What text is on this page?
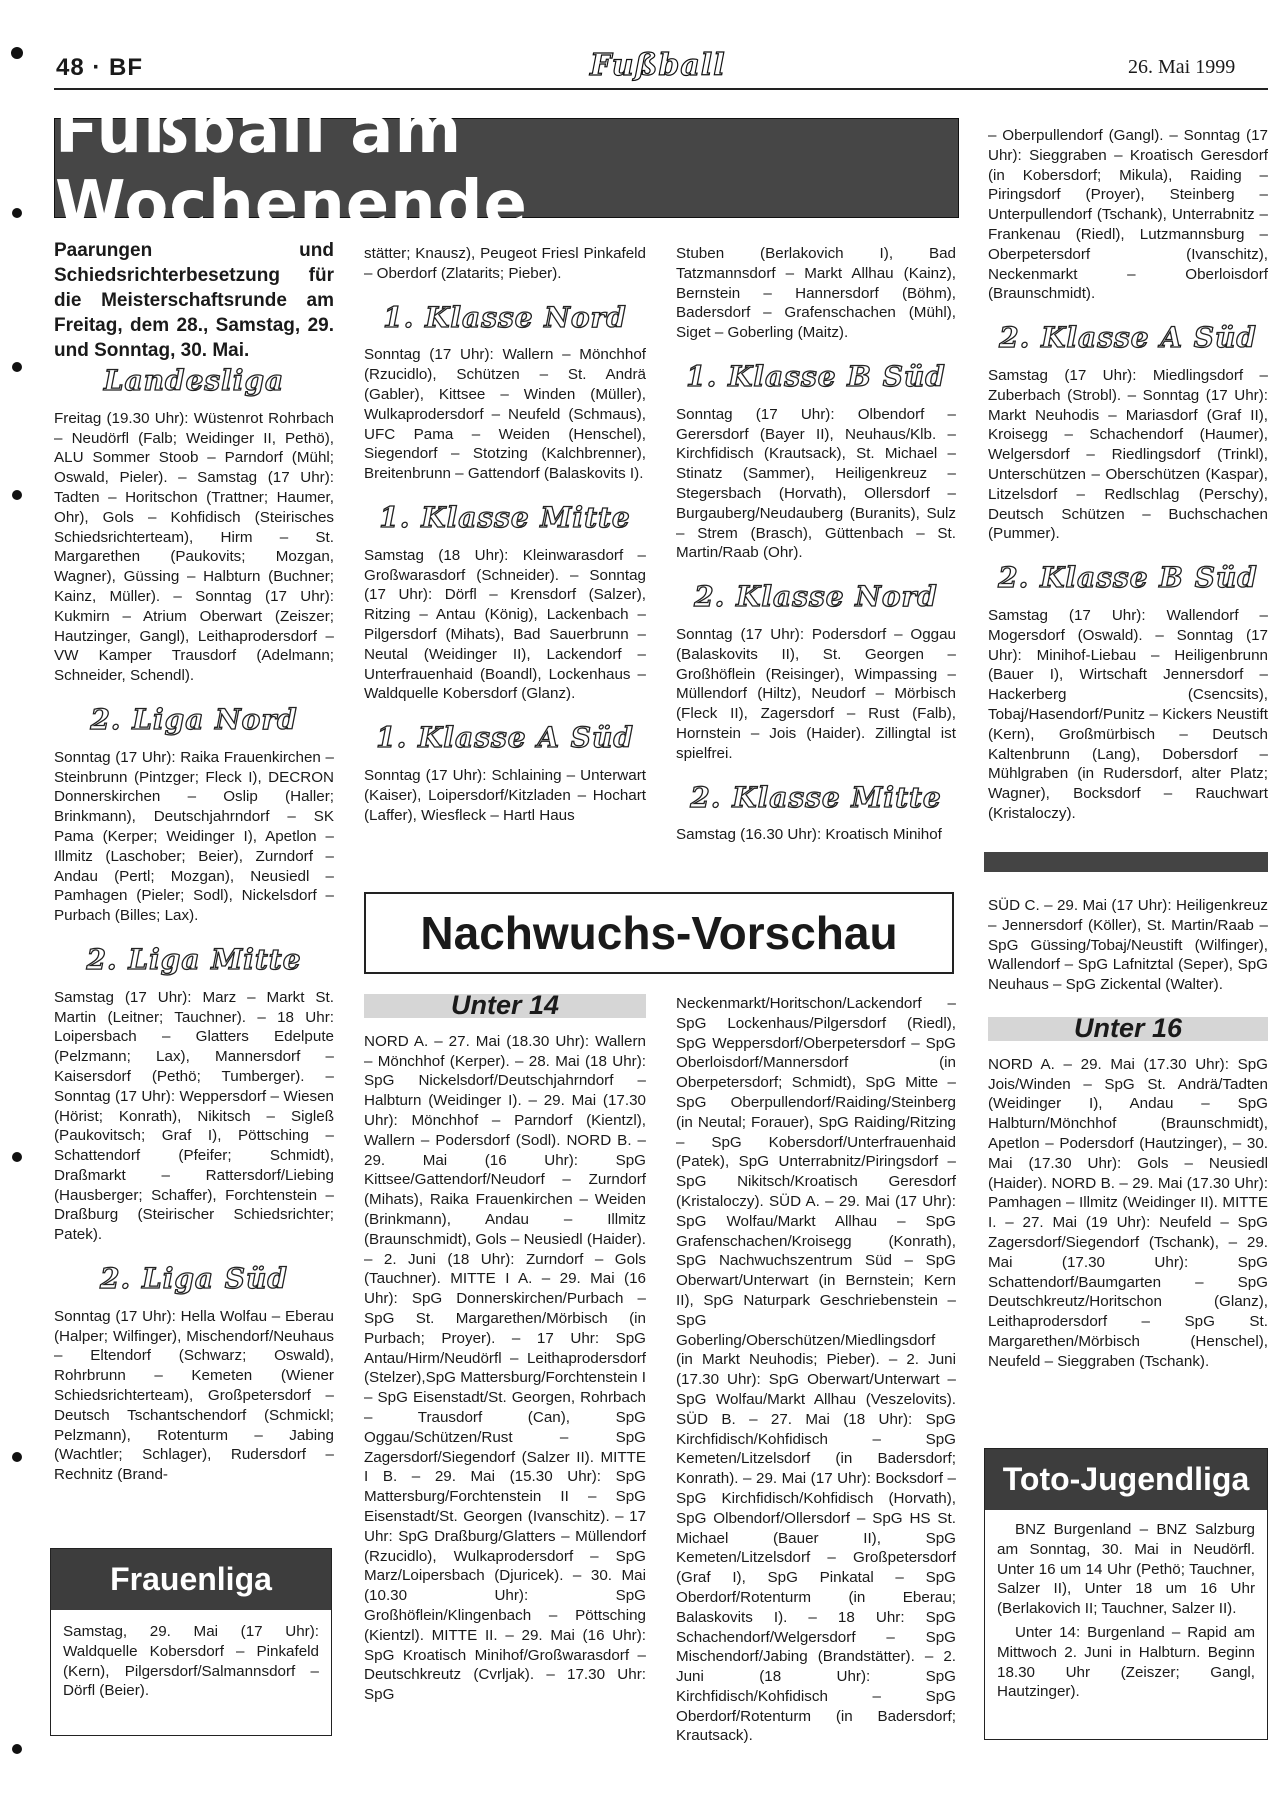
48 · BF	Fußball	26. Mai 1999
Fußball am Wochenende

Paarungen und Schiedsrichterbesetzung für die Meisterschaftsrunde am Freitag, dem 28., Samstag, 29. und Sonntag, 30. Mai.

Landesliga

Freitag (19.30 Uhr): Wüstenrot Rohrbach – Neudörfl (Falb; Weidinger II, Pethö), ALU Sommer Stoob – Parndorf (Mühl; Oswald, Pieler). – Samstag (17 Uhr): Tadten – Horitschon (Trattner; Haumer, Ohr), Gols – Kohfidisch (Steirisches Schiedsrichterteam), Hirm – St. Margarethen (Paukovits; Mozgan, Wagner), Güssing – Halbturn (Buchner; Kainz, Müller). – Sonntag (17 Uhr): Kukmirn – Atrium Oberwart (Zeiszer; Hautzinger, Gangl), Leithaprodersdorf – VW Kamper Trausdorf (Adelmann; Schneider, Schendl).

2. Liga Nord

Sonntag (17 Uhr): Raika Frauenkirchen – Steinbrunn (Pintzger; Fleck I), DECRON Donnerskirchen – Oslip (Haller; Brinkmann), Deutschjahrndorf – SK Pama (Kerper; Weidinger I), Apetlon – Illmitz (Laschober; Beier), Zurndorf – Andau (Pertl; Mozgan), Neusiedl – Pamhagen (Pieler; Sodl), Nickelsdorf – Purbach (Billes; Lax).

2. Liga Mitte

Samstag (17 Uhr): Marz – Markt St. Martin (Leitner; Tauchner). – 18 Uhr: Loipersbach – Glatters Edelpute (Pelzmann; Lax), Mannersdorf – Kaisersdorf (Pethö; Tumberger). – Sonntag (17 Uhr): Weppersdorf – Wiesen (Hörist; Konrath), Nikitsch – Sigleß (Paukovitsch; Graf I), Pöttsching – Schattendorf (Pfeifer; Schmidt), Draßmarkt – Rattersdorf/Liebing (Hausberger; Schaffer), Forchtenstein – Draßburg (Steirischer Schiedsrichter; Patek).

2. Liga Süd

Sonntag (17 Uhr): Hella Wolfau – Eberau (Halper; Wilfinger), Mischendorf/Neuhaus – Eltendorf (Schwarz; Oswald), Rohrbrunn – Kemeten (Wiener Schiedsrichterteam), Großpetersdorf – Deutsch Tschantschendorf (Schmickl; Pelzmann), Rotenturm – Jabing (Wachtler; Schlager), Rudersdorf – Rechnitz (Brand-

Frauenliga
Samstag, 29. Mai (17 Uhr): Waldquelle Kobersdorf – Pinkafeld (Kern), Pilgersdorf/Salmannsdorf – Dörfl (Beier).

stätter; Knausz), Peugeot Friesl Pinkafeld – Oberdorf (Zlatarits; Pieber).

1. Klasse Nord

Sonntag (17 Uhr): Wallern – Mönchhof (Rzucidlo), Schützen – St. Andrä (Gabler), Kittsee – Winden (Müller), Wulkaprodersdorf – Neufeld (Schmaus), UFC Pama – Weiden (Henschel), Siegendorf – Stotzing (Kalchbrenner), Breitenbrunn – Gattendorf (Balaskovits I).

1. Klasse Mitte

Samstag (18 Uhr): Kleinwarasdorf – Großwarasdorf (Schneider). – Sonntag (17 Uhr): Dörfl – Krensdorf (Salzer), Ritzing – Antau (König), Lackenbach – Pilgersdorf (Mihats), Bad Sauerbrunn – Neutal (Weidinger II), Lackendorf – Unterfrauenhaid (Boandl), Lockenhaus – Waldquelle Kobersdorf (Glanz).

1. Klasse A Süd

Sonntag (17 Uhr): Schlaining – Unterwart (Kaiser), Loipersdorf/Kitzladen – Hochart (Laffer), Wiesfleck – Hartl Haus

Stuben (Berlakovich I), Bad Tatzmannsdorf – Markt Allhau (Kainz), Bernstein – Hannersdorf (Böhm), Badersdorf – Grafenschachen (Mühl), Siget – Goberling (Maitz).

1. Klasse B Süd

Sonntag (17 Uhr): Olbendorf – Gerersdorf (Bayer II), Neuhaus/Klb. – Kirchfidisch (Krautsack), St. Michael – Stinatz (Sammer), Heiligenkreuz – Stegersbach (Horvath), Ollersdorf – Burgauberg/Neudauberg (Buranits), Sulz – Strem (Brasch), Güttenbach – St. Martin/Raab (Ohr).

2. Klasse Nord

Sonntag (17 Uhr): Podersdorf – Oggau (Balaskovits II), St. Georgen – Großhöflein (Reisinger), Wimpassing – Müllendorf (Hiltz), Neudorf – Mörbisch (Fleck II), Zagersdorf – Rust (Falb), Hornstein – Jois (Haider). Zillingtal ist spielfrei.

2. Klasse Mitte

Samstag (16.30 Uhr): Kroatisch Minihof

– Oberpullendorf (Gangl). – Sonntag (17 Uhr): Sieggraben – Kroatisch Geresdorf (in Kobersdorf; Mikula), Raiding – Piringsdorf (Proyer), Steinberg – Unterpullendorf (Tschank), Unterrabnitz – Frankenau (Riedl), Lutzmannsburg – Oberpetersdorf (Ivanschitz), Neckenmarkt – Oberloisdorf (Braunschmidt).

2. Klasse A Süd

Samstag (17 Uhr): Miedlingsdorf – Zuberbach (Strobl). – Sonntag (17 Uhr): Markt Neuhodis – Mariasdorf (Graf II), Kroisegg – Schachendorf (Haumer), Welgersdorf – Riedlingsdorf (Trinkl), Unterschützen – Oberschützen (Kaspar), Litzelsdorf – Redlschlag (Perschy), Deutsch Schützen – Buchschachen (Pummer).

2. Klasse B Süd

Samstag (17 Uhr): Wallendorf – Mogersdorf (Oswald). – Sonntag (17 Uhr): Minihof-Liebau – Heiligenbrunn (Bauer I), Wirtschaft Jennersdorf – Hackerberg (Csencsits), Tobaj/Hasendorf/Punitz – Kickers Neustift (Kern), Großmürbisch – Deutsch Kaltenbrunn (Lang), Dobersdorf – Mühlgraben (in Rudersdorf, alter Platz; Wagner), Bocksdorf – Rauchwart (Kristaloczy).

SÜD C. – 29. Mai (17 Uhr): Heiligenkreuz – Jennersdorf (Köller), St. Martin/Raab – SpG Güssing/Tobaj/Neustift (Wilfinger), Wallendorf – SpG Lafnitztal (Seper), SpG Neuhaus – SpG Zickental (Walter).

Unter 16

NORD A. – 29. Mai (17.30 Uhr): SpG Jois/Winden – SpG St. Andrä/Tadten (Weidinger I), Andau – SpG Halbturn/Mönchhof (Braunschmidt), Apetlon – Podersdorf (Hautzinger), – 30. Mai (17.30 Uhr): Gols – Neusiedl (Haider). NORD B. – 29. Mai (17.30 Uhr): Pamhagen – Illmitz (Weidinger II). MITTE I. – 27. Mai (19 Uhr): Neufeld – SpG Zagersdorf/Siegendorf (Tschank), – 29. Mai (17.30 Uhr): SpG Schattendorf/Baumgarten – SpG Deutschkreutz/Horitschon (Glanz), Leithaprodersdorf – SpG St. Margarethen/Mörbisch (Henschel), Neufeld – Sieggraben (Tschank).

Nachwuchs-Vorschau
Unter 14

NORD A. – 27. Mai (18.30 Uhr): Wallern – Mönchhof (Kerper). – 28. Mai (18 Uhr): SpG Nickelsdorf/Deutschjahrndorf – Halbturn (Weidinger I). – 29. Mai (17.30 Uhr): Mönchhof – Parndorf (Kientzl), Wallern – Podersdorf (Sodl). NORD B. – 29. Mai (16 Uhr): SpG Kittsee/Gattendorf/Neudorf – Zurndorf (Mihats), Raika Frauenkirchen – Weiden (Brinkmann), Andau – Illmitz (Braunschmidt), Gols – Neusiedl (Haider). – 2. Juni (18 Uhr): Zurndorf – Gols (Tauchner). MITTE I A. – 29. Mai (16 Uhr): SpG Donnerskirchen/Purbach – SpG St. Margarethen/Mörbisch (in Purbach; Proyer). – 17 Uhr: SpG Antau/Hirm/Neudörfl – Leithaprodersdorf (Stelzer),SpG Mattersburg/Forchtenstein I – SpG Eisenstadt/St. Georgen, Rohrbach – Trausdorf (Can), SpG Oggau/Schützen/Rust – SpG Zagersdorf/Siegendorf (Salzer II). MITTE I B. – 29. Mai (15.30 Uhr): SpG Mattersburg/Forchtenstein II – SpG Eisenstadt/St. Georgen (Ivanschitz). – 17 Uhr: SpG Draßburg/Glatters – Müllendorf (Rzucidlo), Wulkaprodersdorf – SpG Marz/Loipersbach (Djuricek). – 30. Mai (10.30 Uhr): SpG Großhöflein/Klingenbach – Pöttsching (Kientzl). MITTE II. – 29. Mai (16 Uhr): SpG Kroatisch Minihof/Großwarasdorf – Deutschkreutz (Cvrljak). – 17.30 Uhr: SpG

Neckenmarkt/Horitschon/Lackendorf – SpG Lockenhaus/Pilgersdorf (Riedl), SpG Weppersdorf/Oberpetersdorf – SpG Oberloisdorf/Mannersdorf (in Oberpetersdorf; Schmidt), SpG Mitte – SpG Oberpullendorf/Raiding/Steinberg (in Neutal; Forauer), SpG Raiding/Ritzing – SpG Kobersdorf/Unterfrauenhaid (Patek), SpG Unterrabnitz/Piringsdorf – SpG Nikitsch/Kroatisch Geresdorf (Kristaloczy). SÜD A. – 29. Mai (17 Uhr): SpG Wolfau/Markt Allhau – SpG Grafenschachen/Kroisegg (Konrath), SpG Nachwuchszentrum Süd – SpG Oberwart/Unterwart (in Bernstein; Kern II), SpG Naturpark Geschriebenstein – SpG Goberling/Oberschützen/Miedlingsdorf (in Markt Neuhodis; Pieber). – 2. Juni (17.30 Uhr): SpG Oberwart/Unterwart – SpG Wolfau/Markt Allhau (Veszelovits). SÜD B. – 27. Mai (18 Uhr): SpG Kirchfidisch/Kohfidisch – SpG Kemeten/Litzelsdorf (in Badersdorf; Konrath). – 29. Mai (17 Uhr): Bocksdorf – SpG Kirchfidisch/Kohfidisch (Horvath), SpG Olbendorf/Ollersdorf – SpG HS St. Michael (Bauer II), SpG Kemeten/Litzelsdorf – Großpetersdorf (Graf I), SpG Pinkatal – SpG Oberdorf/Rotenturm (in Eberau; Balaskovits I). – 18 Uhr: SpG Schachendorf/Welgersdorf – SpG Mischendorf/Jabing (Brandstätter). – 2. Juni (18 Uhr): SpG Kirchfidisch/Kohfidisch – SpG Oberdorf/Rotenturm (in Badersdorf; Krautsack).

Toto-Jugendliga

BNZ Burgenland – BNZ Salzburg am Sonntag, 30. Mai in Neudörfl. Unter 16 um 14 Uhr (Pethö; Tauchner, Salzer II), Unter 18 um 16 Uhr (Berlakovich II; Tauchner, Salzer II).

Unter 14: Burgenland – Rapid am Mittwoch 2. Juni in Halbturn. Beginn 18.30 Uhr (Zeiszer; Gangl, Hautzinger).
